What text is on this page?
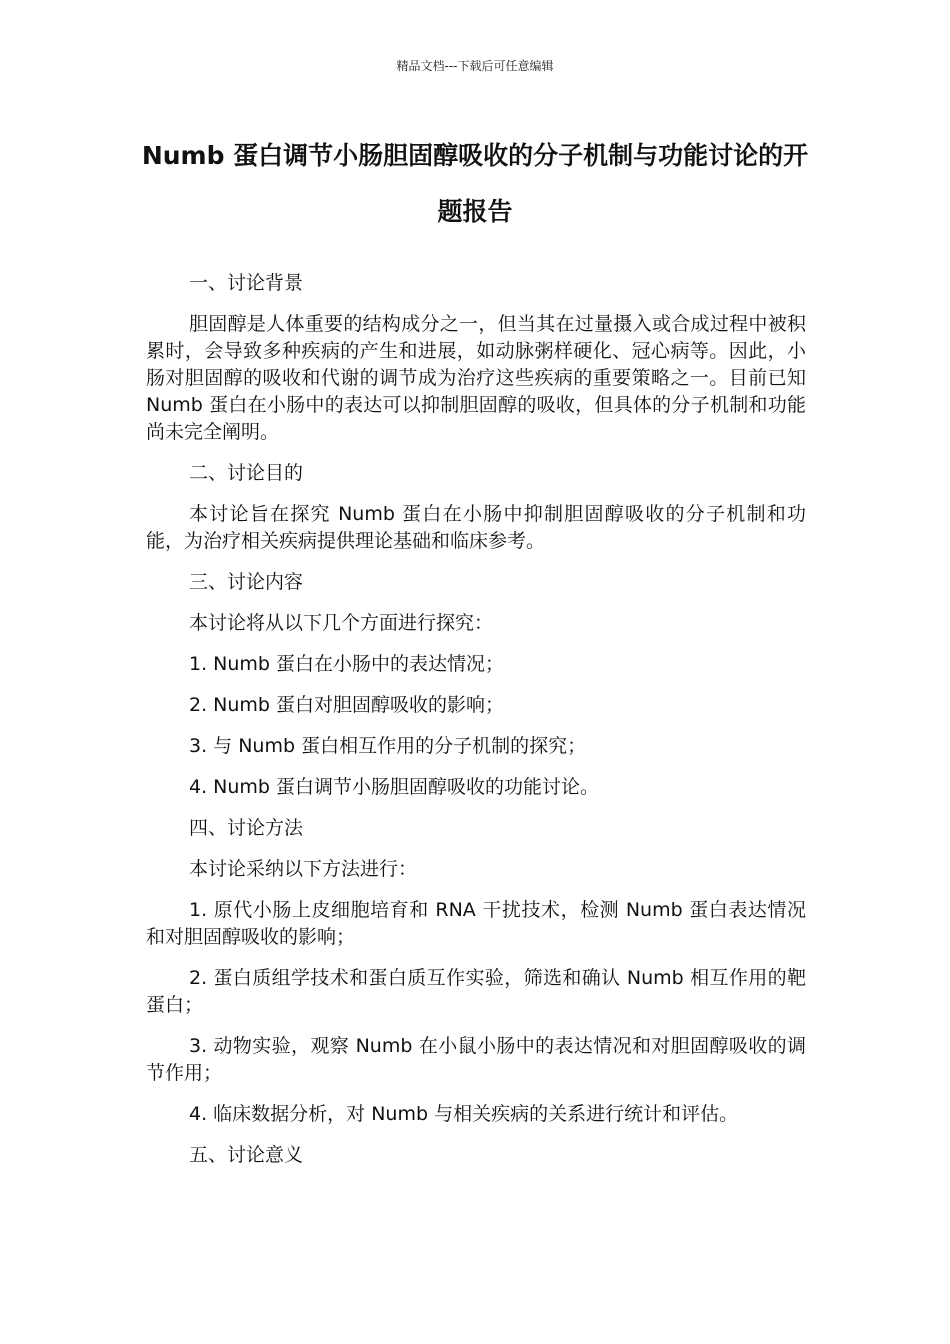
精品文档---下载后可任意编辑
Numb 蛋白调节小肠胆固醇吸收的分子机制与功能讨论的开题报告

一、讨论背景

胆固醇是人体重要的结构成分之一，但当其在过量摄入或合成过程中被积累时，会导致多种疾病的产生和进展，如动脉粥样硬化、冠心病等。因此，小肠对胆固醇的吸收和代谢的调节成为治疗这些疾病的重要策略之一。目前已知 Numb 蛋白在小肠中的表达可以抑制胆固醇的吸收，但具体的分子机制和功能尚未完全阐明。

二、讨论目的

本讨论旨在探究 Numb 蛋白在小肠中抑制胆固醇吸收的分子机制和功能，为治疗相关疾病提供理论基础和临床参考。

三、讨论内容

本讨论将从以下几个方面进行探究：

1. Numb 蛋白在小肠中的表达情况；

2. Numb 蛋白对胆固醇吸收的影响；

3. 与 Numb 蛋白相互作用的分子机制的探究；

4. Numb 蛋白调节小肠胆固醇吸收的功能讨论。

四、讨论方法

本讨论采纳以下方法进行：

1. 原代小肠上皮细胞培育和 RNA 干扰技术，检测 Numb 蛋白表达情况和对胆固醇吸收的影响；

2. 蛋白质组学技术和蛋白质互作实验，筛选和确认 Numb 相互作用的靶蛋白；

3. 动物实验，观察 Numb 在小鼠小肠中的表达情况和对胆固醇吸收的调节作用；

4. 临床数据分析，对 Numb 与相关疾病的关系进行统计和评估。

五、讨论意义
